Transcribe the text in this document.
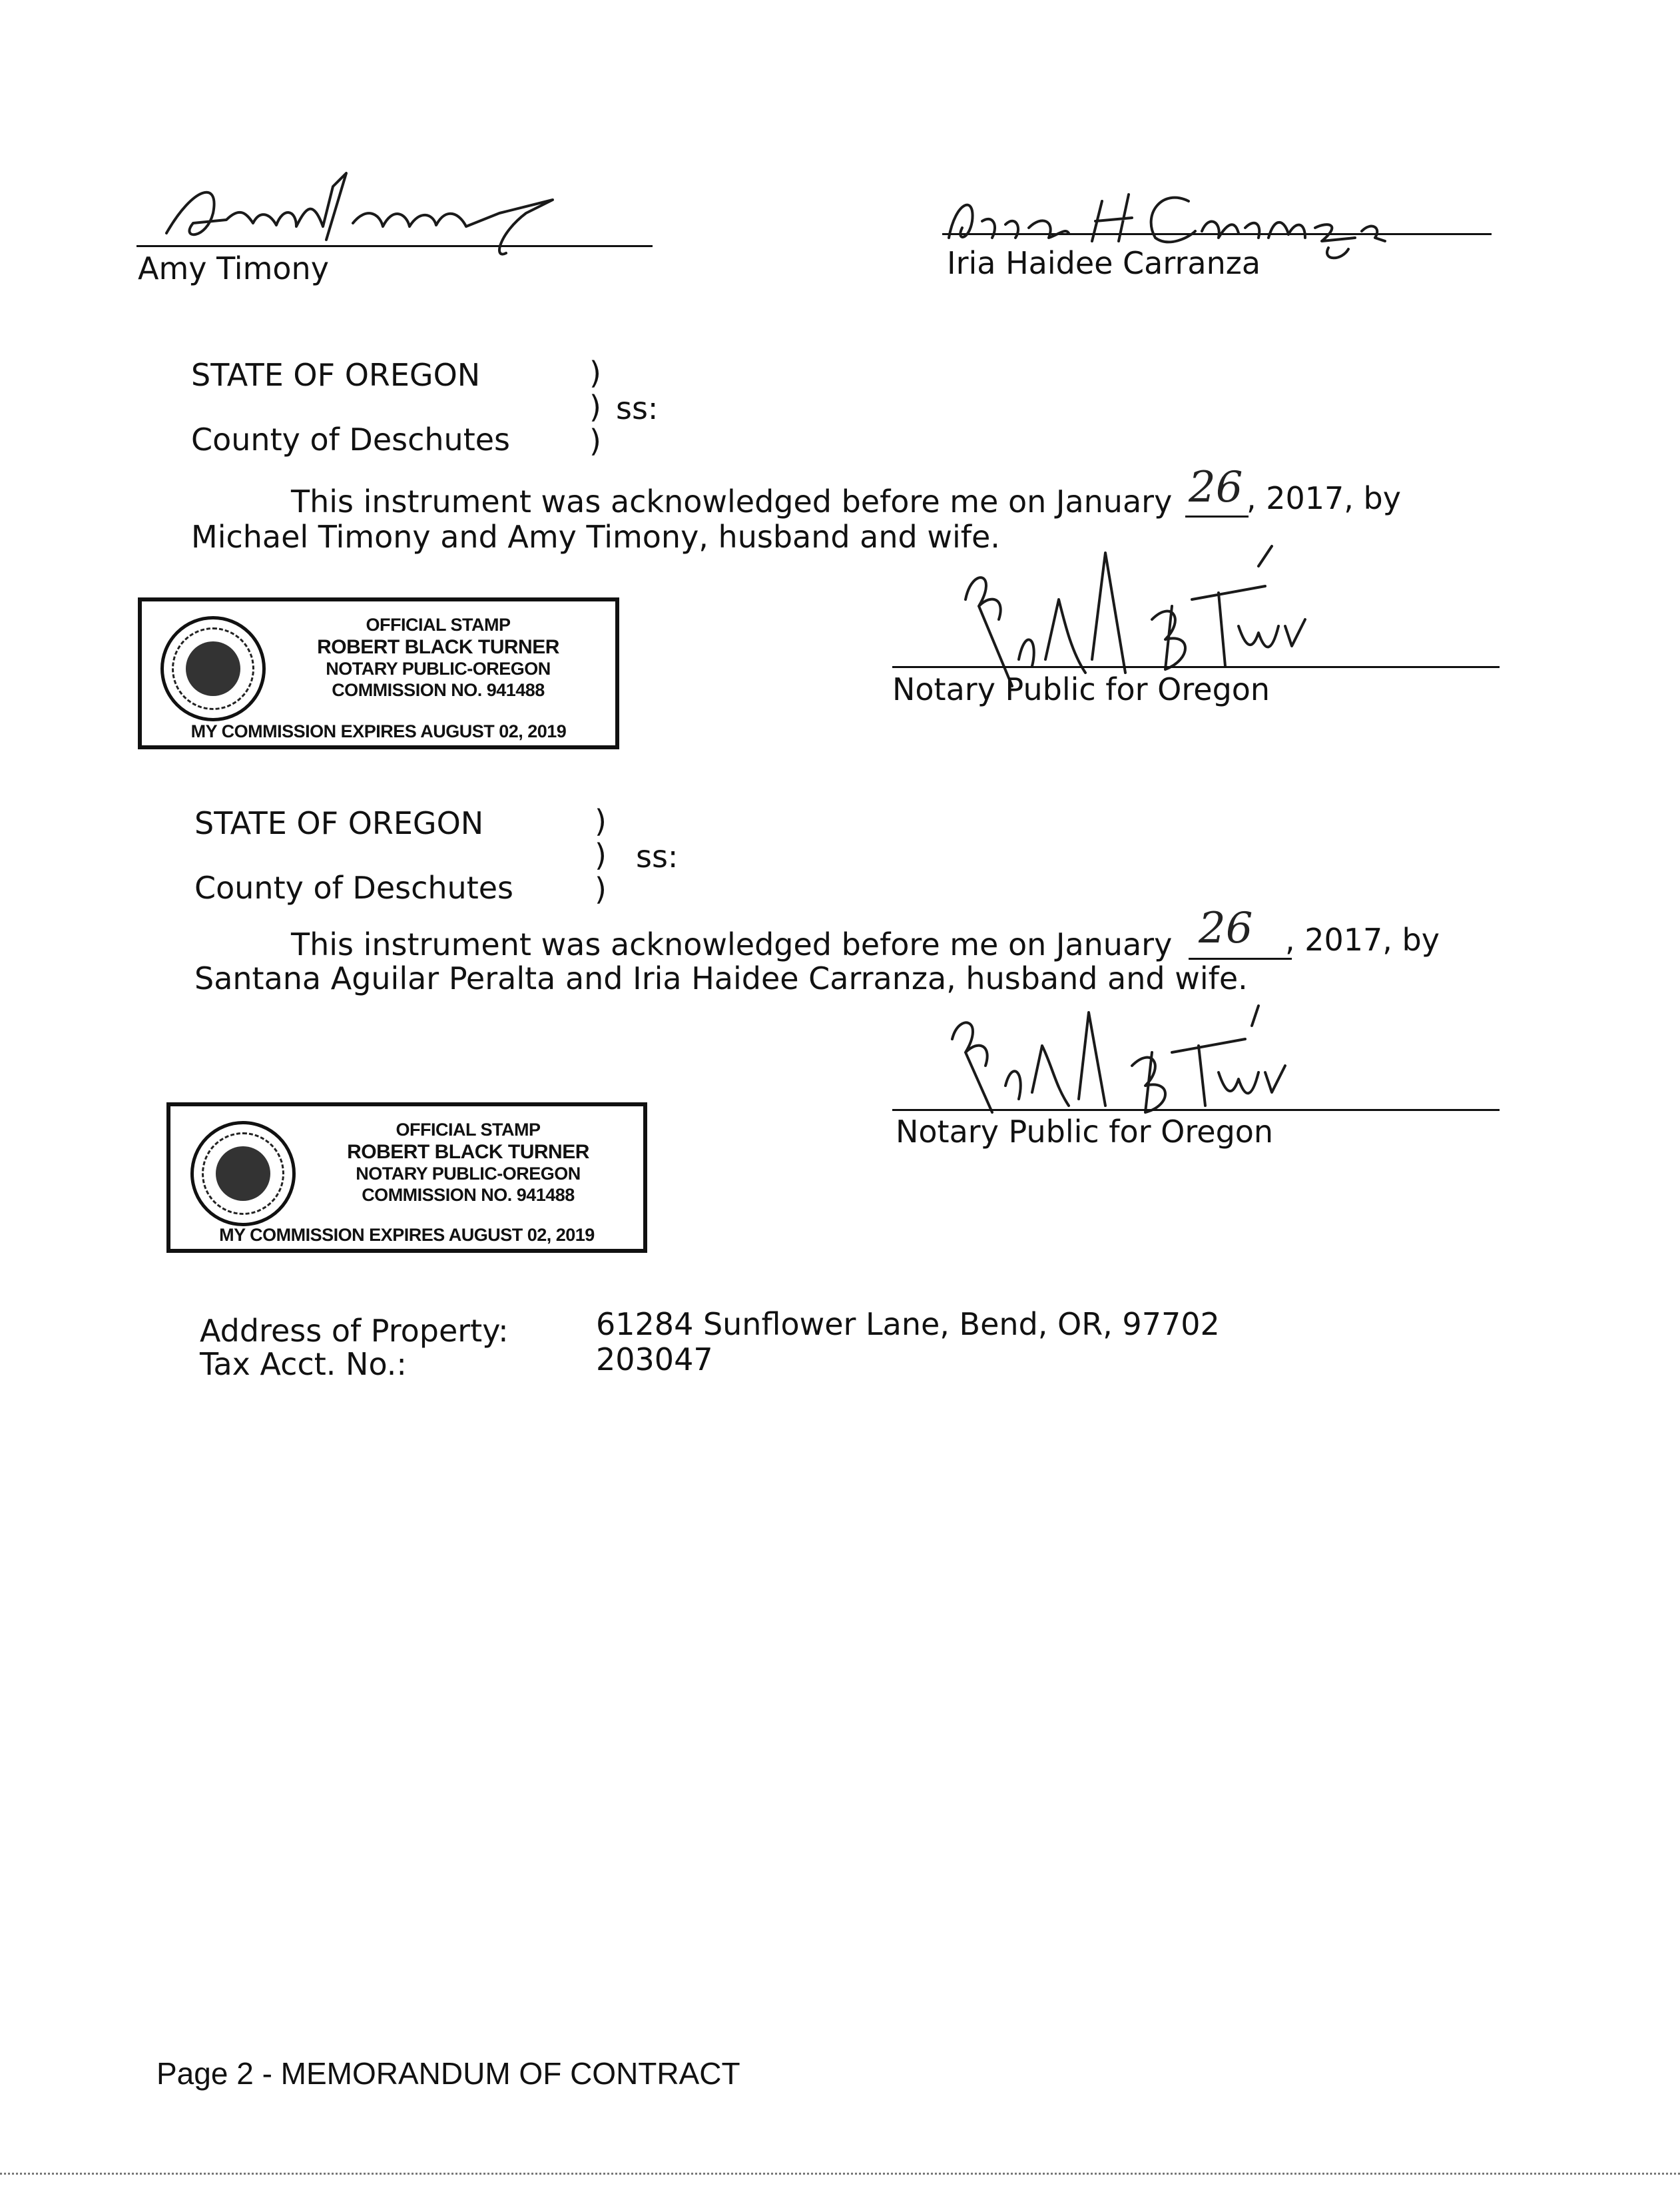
Amy Timony	Iria Haidee Carranza
STATE OF OREGON	)
)
)
ss:
County of Deschutes
This instrument was acknowledged before me on January 26 , 2017, by
Michael Timony and Amy Timony, husband and wife.
OFFICIAL STAMP
ROBERT BLACK TURNER
NOTARY PUBLIC-OREGON
COMMISSION NO. 941488
MY COMMISSION EXPIRES AUGUST 02, 2019
Notary Public for Oregon
STATE OF OREGON	)
)
)
ss:
County of Deschutes
This instrument was acknowledged before me on January 26 , 2017, by
Santana Aguilar Peralta and Iria Haidee Carranza, husband and wife.
Notary Public for Oregon
OFFICIAL STAMP
ROBERT BLACK TURNER
NOTARY PUBLIC-OREGON
COMMISSION NO. 941488
MY COMMISSION EXPIRES AUGUST 02, 2019
Address of Property:	61284 Sunflower Lane, Bend, OR, 97702
Tax Acct. No.:	203047
Page 2 - MEMORANDUM OF CONTRACT
